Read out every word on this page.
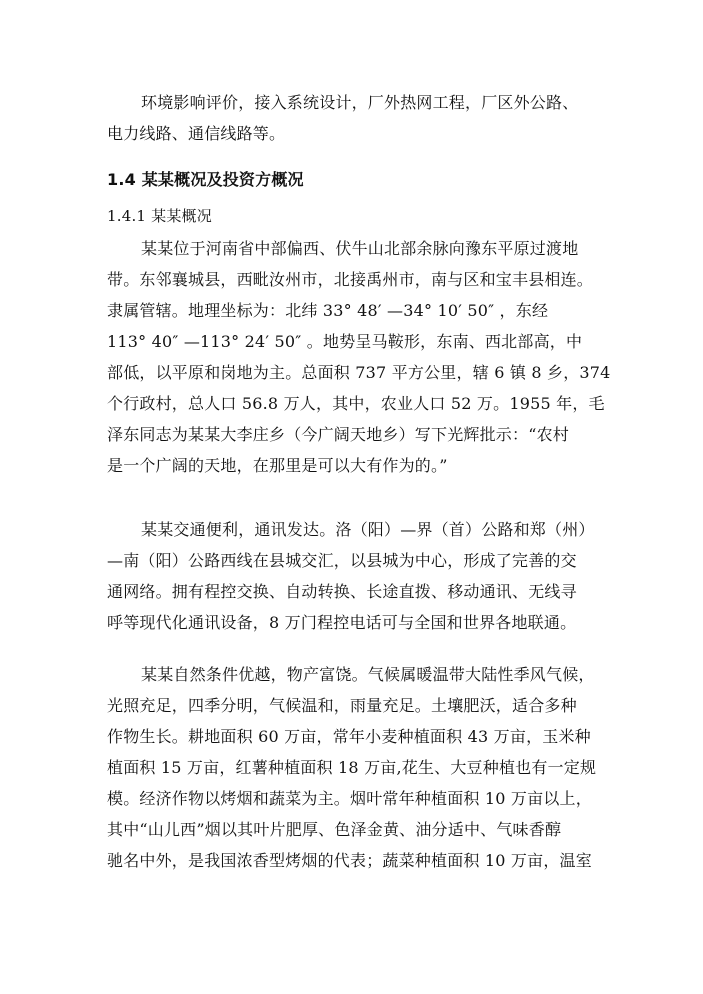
环境影响评价，接入系统设计，厂外热网工程，厂区外公路、
电力线路、通信线路等。
1.4 某某概况及投资方概况
1.4.1 某某概况
某某位于河南省中部偏西、伏牛山北部余脉向豫东平原过渡地
带。东邻襄城县，西毗汝州市，北接禹州市，南与区和宝丰县相连。
隶属管辖。地理坐标为：北纬 33° 48′ —34° 10′ 50″ ，东经
113° 40″ —113° 24′ 50″ 。地势呈马鞍形，东南、西北部高，中
部低，以平原和岗地为主。总面积 737 平方公里，辖 6 镇 8 乡，374
个行政村，总人口 56.8 万人，其中，农业人口 52 万。1955 年，毛
泽东同志为某某大李庄乡（今广阔天地乡）写下光辉批示：“农村
是一个广阔的天地，在那里是可以大有作为的。”
某某交通便利，通讯发达。洛（阳）—界（首）公路和郑（州）
—南（阳）公路西线在县城交汇，以县城为中心，形成了完善的交
通网络。拥有程控交换、自动转换、长途直拨、移动通讯、无线寻
呼等现代化通讯设备，8 万门程控电话可与全国和世界各地联通。
某某自然条件优越，物产富饶。气候属暖温带大陆性季风气候，
光照充足，四季分明，气候温和，雨量充足。土壤肥沃，适合多种
作物生长。耕地面积 60 万亩，常年小麦种植面积 43 万亩，玉米种
植面积 15 万亩，红薯种植面积 18 万亩,花生、大豆种植也有一定规
模。经济作物以烤烟和蔬菜为主。烟叶常年种植面积 10 万亩以上，
其中“山儿西”烟以其叶片肥厚、色泽金黄、油分适中、气味香醇
驰名中外，是我国浓香型烤烟的代表；蔬菜种植面积 10 万亩，温室
